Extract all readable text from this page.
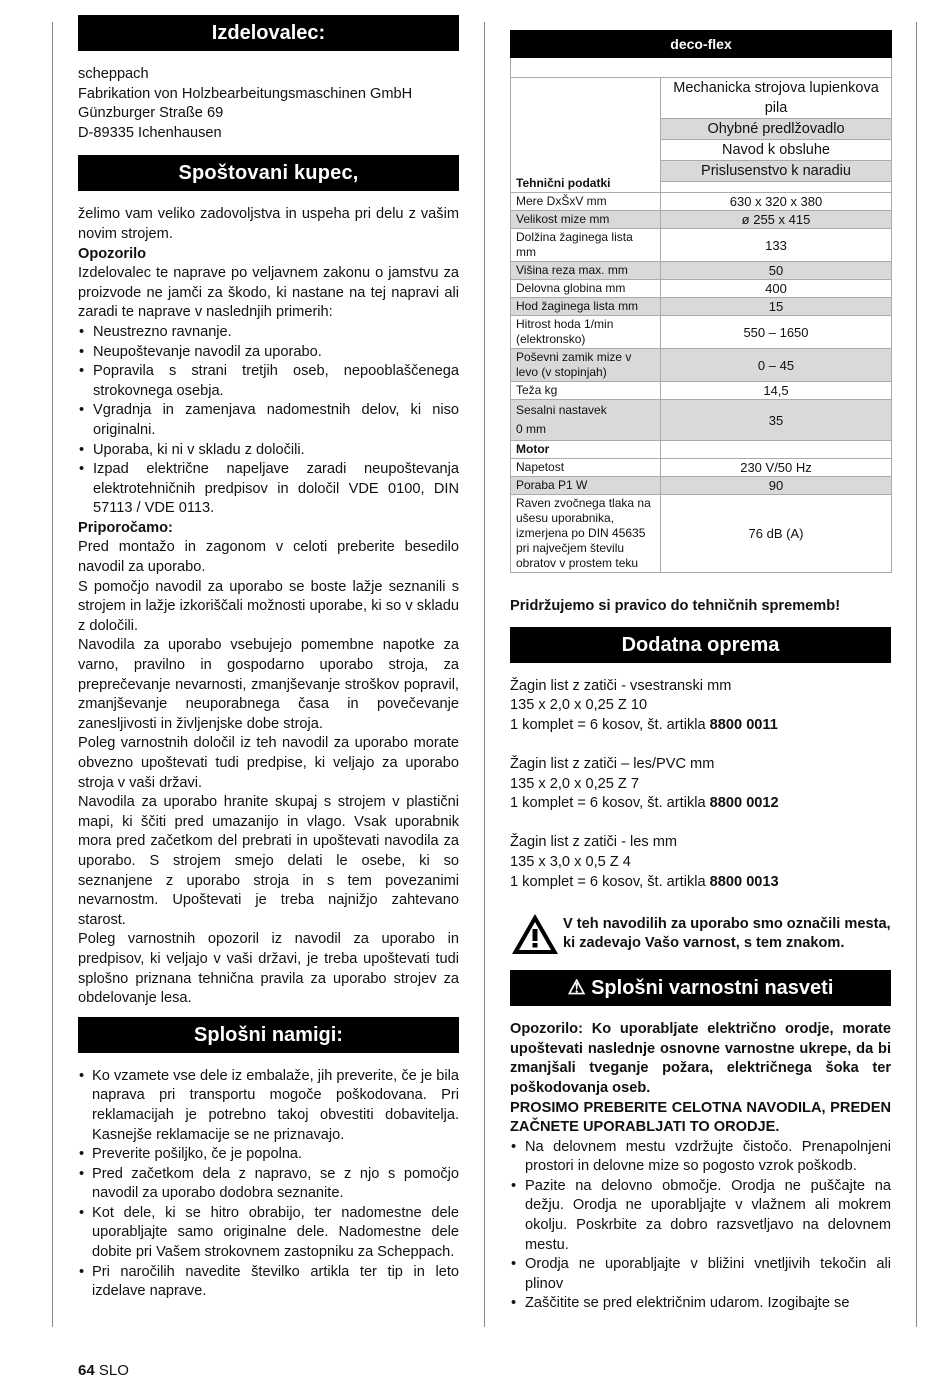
Izdelovalec:
scheppach
Fabrikation von Holzbearbeitungsmaschinen GmbH
Günzburger Straße 69
D-89335 Ichenhausen
Spoštovani kupec,

želimo vam veliko zadovoljstva in uspeha pri delu z vašim novim strojem.

Opozorilo

Izdelovalec te naprave po veljavnem zakonu o jamstvu za proizvode ne jamči za škodo, ki nastane na tej napravi ali zaradi te naprave v naslednjih primerih:

• Neustrezno ravnanje.
• Neupoštevanje navodil za uporabo.
• Popravila s strani tretjih oseb, nepooblaščenega strokovnega osebja.
• Vgradnja in zamenjava nadomestnih delov, ki niso originalni.
• Uporaba, ki ni v skladu z določili.
• Izpad električne napeljave zaradi neupoštevanja elektrotehničnih predpisov in določil VDE 0100, DIN 57113 / VDE 0113.

Priporočamo:

Pred montažo in zagonom v celoti preberite besedilo navodil za uporabo.

S pomočjo navodil za uporabo se boste lažje seznanili s strojem in lažje izkoriščali možnosti uporabe, ki so v skladu z določili.

Navodila za uporabo vsebujejo pomembne napotke za varno, pravilno in gospodarno uporabo stroja, za preprečevanje nevarnosti, zmanjševanje stroškov popravil, zmanjševanje neuporabnega časa in povečevanje zanesljivosti in življenjske dobe stroja.

Poleg varnostnih določil iz teh navodil za uporabo morate obvezno upoštevati tudi predpise, ki veljajo za uporabo stroja v vaši državi.

Navodila za uporabo hranite skupaj s strojem v plastični mapi, ki ščiti pred umazanijo in vlago. Vsak uporabnik mora pred začetkom del prebrati in upoštevati navodila za uporabo. S strojem smejo delati le osebe, ki so seznanjene z uporabo stroja in s tem povezanimi nevarnostm. Upoštevati je treba najnižjo zahtevano starost.

Poleg varnostnih opozoril iz navodil za uporabo in predpisov, ki veljajo v vaši državi, je treba upoštevati tudi splošno priznana tehnična pravila za uporabo strojev za obdelovanje lesa.

Splošni namigi:
• Ko vzamete vse dele iz embalaže, jih preverite, če je bila naprava pri transportu mogoče poškodovana. Pri reklamacijah je potrebno takoj obvestiti dobavitelja. Kasnejše reklamacije se ne priznavajo.
• Preverite pošiljko, če je popolna.
• Pred začetkom dela z napravo, se z njo s pomočjo navodil za uporabo dodobra seznanite.
• Kot dele, ki se hitro obrabijo, ter nadomestne dele uporabljajte samo originalne dele. Nadomestne dele dobite pri Vašem strokovnem zastopniku za Scheppach.
• Pri naročilih navedite številko artikla ter tip in leto izdelave naprave.
deco-flex	

Tehnični podatki	Mechanicka strojova lupienkova pila
	Ohybné predlžovadlo
	Navod k obsluhe
	Prislusenstvo k naradiu

Mere DxŠxV mm	630 x 320 x 380
Velikost mize mm	ø 255 x 415
Dolžina žaginega lista mm	133
Višina reza max. mm	50
Delovna globina mm	400
Hod žaginega lista mm	15
Hitrost hoda 1/min (elektronsko)	550 – 1650
Poševni zamik mize v levo (v stopinjah)	0 – 45
Teža kg	14,5

Sesalni nastavek
0 mm	35
Motor	
Napetost	230 V/50 Hz
Poraba P1 W	90
Raven zvočnega tlaka na ušesu uporabnika, izmerjena po DIN 45635 pri največjem številu obratov v prostem teku	76 dB (A)

Pridržujemo si pravico do tehničnih sprememb!

Dodatna oprema
Žagin list z zatiči - vsestranski mm
135 x 2,0 x 0,25 Z 10
1 komplet = 6 kosov, št. artikla 8800 0011
Žagin list z zatiči – les/PVC mm
135 x 2,0 x 0,25 Z 7
1 komplet = 6 kosov, št. artikla 8800 0012
Žagin list z zatiči - les mm
135 x 3,0 x 0,5 Z 4
1 komplet = 6 kosov, št. artikla 8800 0013
V teh navodilih za uporabo smo označili mesta, ki zadevajo Vašo varnost, s tem znakom.
⚠ Splošni varnostni nasveti

Opozorilo: Ko uporabljate električno orodje, morate upoštevati naslednje osnovne varnostne ukrepe, da bi zmanjšali tveganje požara, električnega šoka ter poškodovanja oseb.

PROSIMO PREBERITE CELOTNA NAVODILA, PREDEN ZAČNETE UPORABLJATI TO ORODJE.

• Na delovnem mestu vzdržujte čistočo. Prenapolnjeni prostori in delovne mize so pogosto vzrok poškodb.
• Pazite na delovno območje. Orodja ne puščajte na dežju. Orodja ne uporabljajte v vlažnem ali mokrem okolju. Poskrbite za dobro razsvetljavo na delovnem mestu.
• Orodja ne uporabljajte v bližini vnetljivih tekočin ali plinov
• Zaščitite se pred električnim udarom. Izogibajte se
64 SLO
